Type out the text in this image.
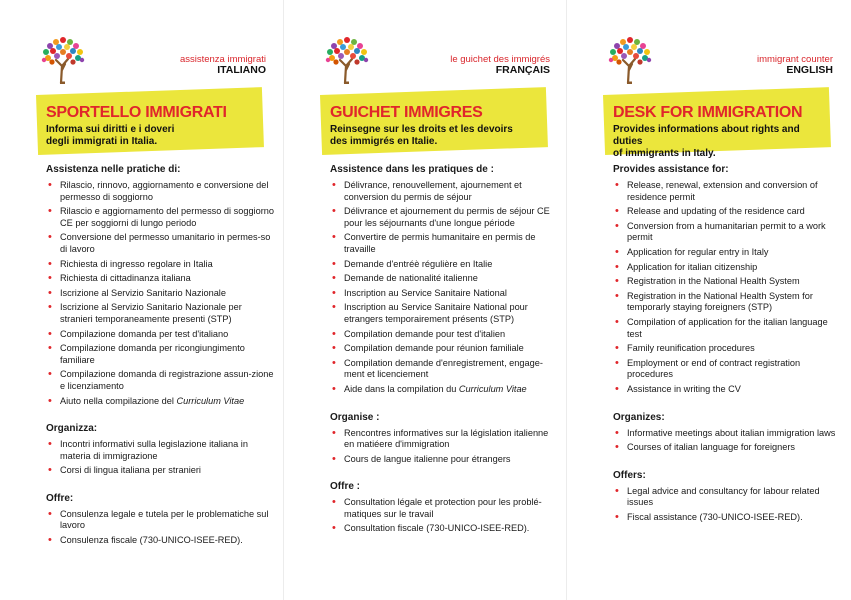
assistenza immigrati
ITALIANO
SPORTELLO IMMIGRATI
Informa sui diritti e i doveri
degli immigrati in Italia.
Assistenza nelle pratiche di:
• Rilascio, rinnovo, aggiornamento e conversione del permesso di soggiorno
• Rilascio e aggiornamento del permesso di soggiorno CE per soggiorni di lungo periodo
• Conversione del permesso umanitario in permes-so di lavoro
• Richiesta di ingresso regolare in Italia
• Richiesta di cittadinanza italiana
• Iscrizione al Servizio Sanitario Nazionale
• Iscrizione al Servizio Sanitario Nazionale per stranieri temporaneamente presenti (STP)
• Compilazione domanda per test d'italiano
• Compilazione domanda per ricongiungimento familiare
• Compilazione domanda di registrazione assun-zione e licenziamento
• Aiuto nella compilazione del Curriculum Vitae
Organizza:
• Incontri informativi sulla legislazione italiana in materia di immigrazione
• Corsi di lingua italiana per stranieri
Offre:
• Consulenza legale e tutela per le problematiche sul lavoro
• Consulenza fiscale (730-UNICO-ISEE-RED).
le guichet des immigrés
FRANÇAIS
GUICHET IMMIGRES
Reinsegne sur les droits et les devoirs
des immigrés en Italie.
Assistence dans les pratiques de :
• Délivrance, renouvellement, ajournement et conversion du permis de séjour
• Délivrance et ajournement du permis de séjour CE pour les séjournants d'une longue période
• Convertire de permis humanitaire en permis de travaille
• Demande d'entréè régulière en Italie
• Demande de nationalité italienne
• Inscription au Service Sanitaire National
• Inscription au Service Sanitaire National pour etrangers temporairement présents (STP)
• Compilation demande pour test d'italien
• Compilation demande pour réunion familiale
• Compilation demande d'enregistrement, engage-ment et licenciement
• Aide dans la compilation du Curriculum Vitae
Organise :
• Rencontres informatives sur la législation italienne en matiéere d'immigration
• Cours de langue italienne pour étrangers
Offre :
• Consultation légale et protection pour les problé-matiques sur le travail
• Consultation fiscale (730-UNICO-ISEE-RED).
immigrant counter
ENGLISH
DESK FOR IMMIGRATION
Provides informations about rights and duties
of immigrants in Italy.
Provides assistance for:
• Release, renewal, extension and conversion of residence permit
• Release and updating of the residence card
• Conversion from a humanitarian permit to a work permit
• Application for regular entry in Italy
• Application for italian citizenship
• Registration in the National Health System
• Registration in the National Health System for temporarly staying foreigners (STP)
• Compilation of application for the italian language test
• Family reunification procedures
• Employment or end of contract registration procedures
• Assistance in writing the CV
Organizes:
• Informative meetings about italian immigration laws
• Courses of italian language for foreigners
Offers:
• Legal advice and consultancy for labour related issues
• Fiscal assistance (730-UNICO-ISEE-RED).
